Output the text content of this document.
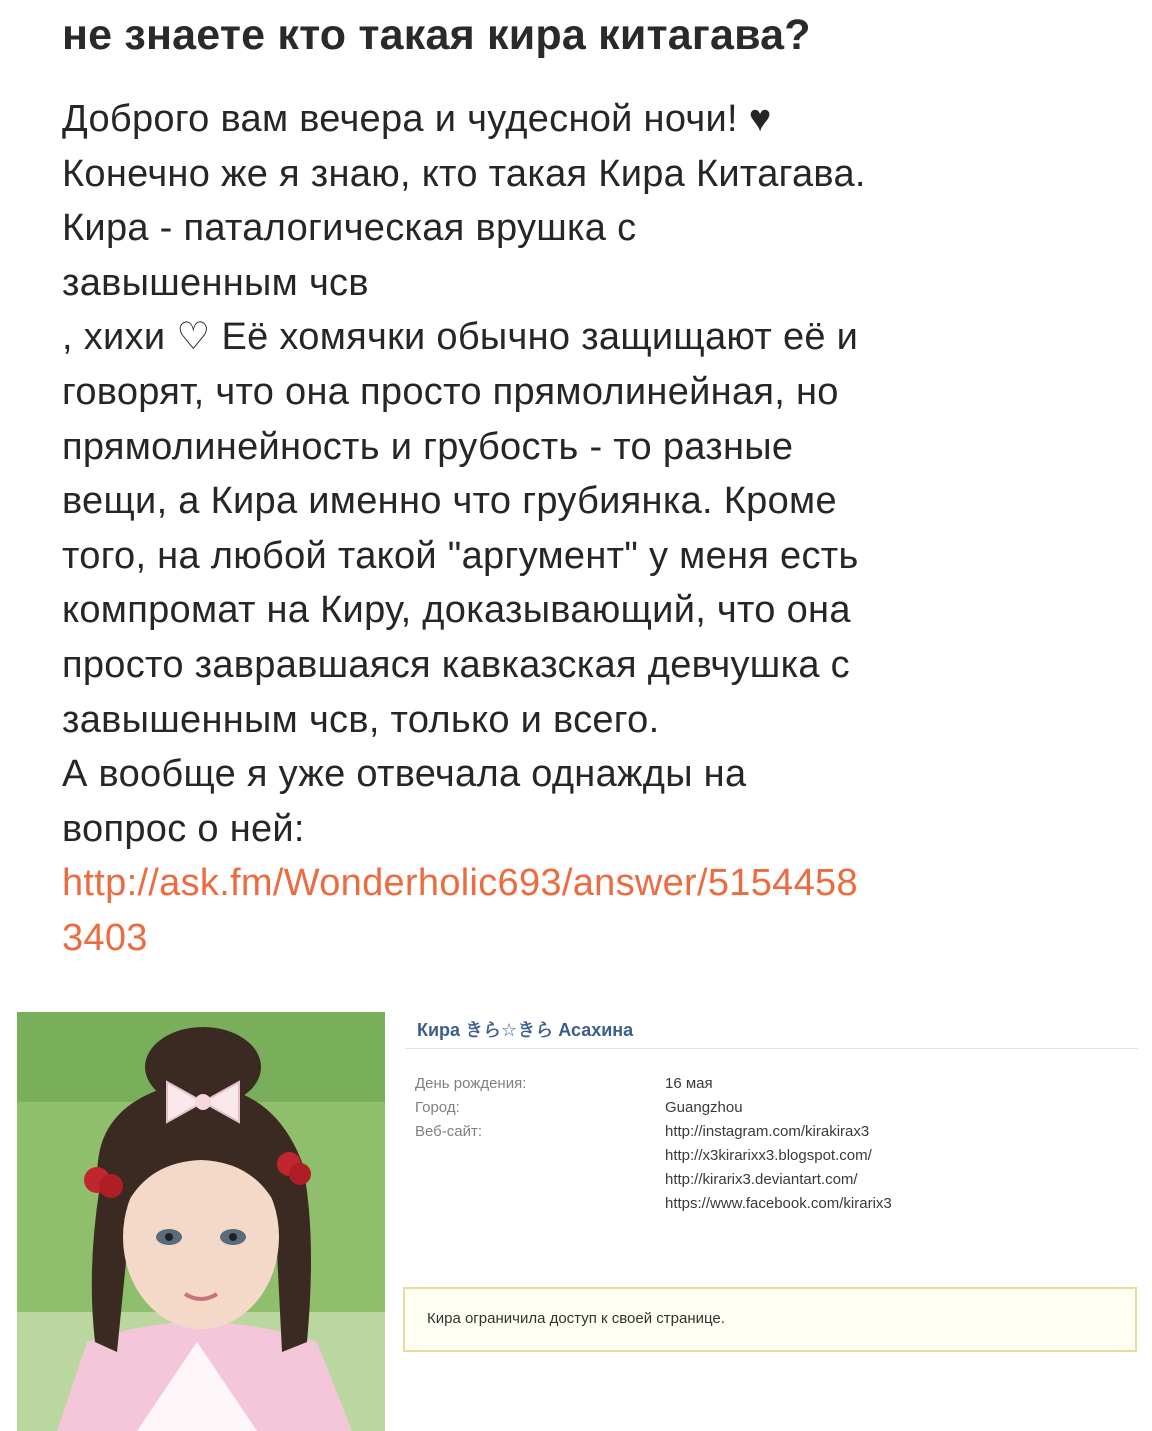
не знаете кто такая кира китагава?
Доброго вам вечера и чудесной ночи! ♥
Конечно же я знаю, кто такая Кира Китагава.
Кира - паталогическая врушка с
завышенным чсв
, хихи ♡ Её хомячки обычно защищают её и
говорят, что она просто прямолинейная, но
прямолинейность и грубость - то разные
вещи, а Кира именно что грубиянка. Кроме
того, на любой такой "аргумент" у меня есть
компромат на Киру, доказывающий, что она
просто завравшаяся кавказская девчушка с
завышенным чсв, только и всего.
А вообще я уже отвечала однажды на
вопрос о ней:
http://ask.fm/Wonderholic693/answer/5154458
3403
Кира きら☆きら Асахина
День рождения:	16 мая
Город:	Guangzhou
Веб-сайт:	http://instagram.com/kirakirax3
http://x3kirarixx3.blogspot.com/
http://kirarix3.deviantart.com/
https://www.facebook.com/kirarix3
Кира ограничила доступ к своей странице.
